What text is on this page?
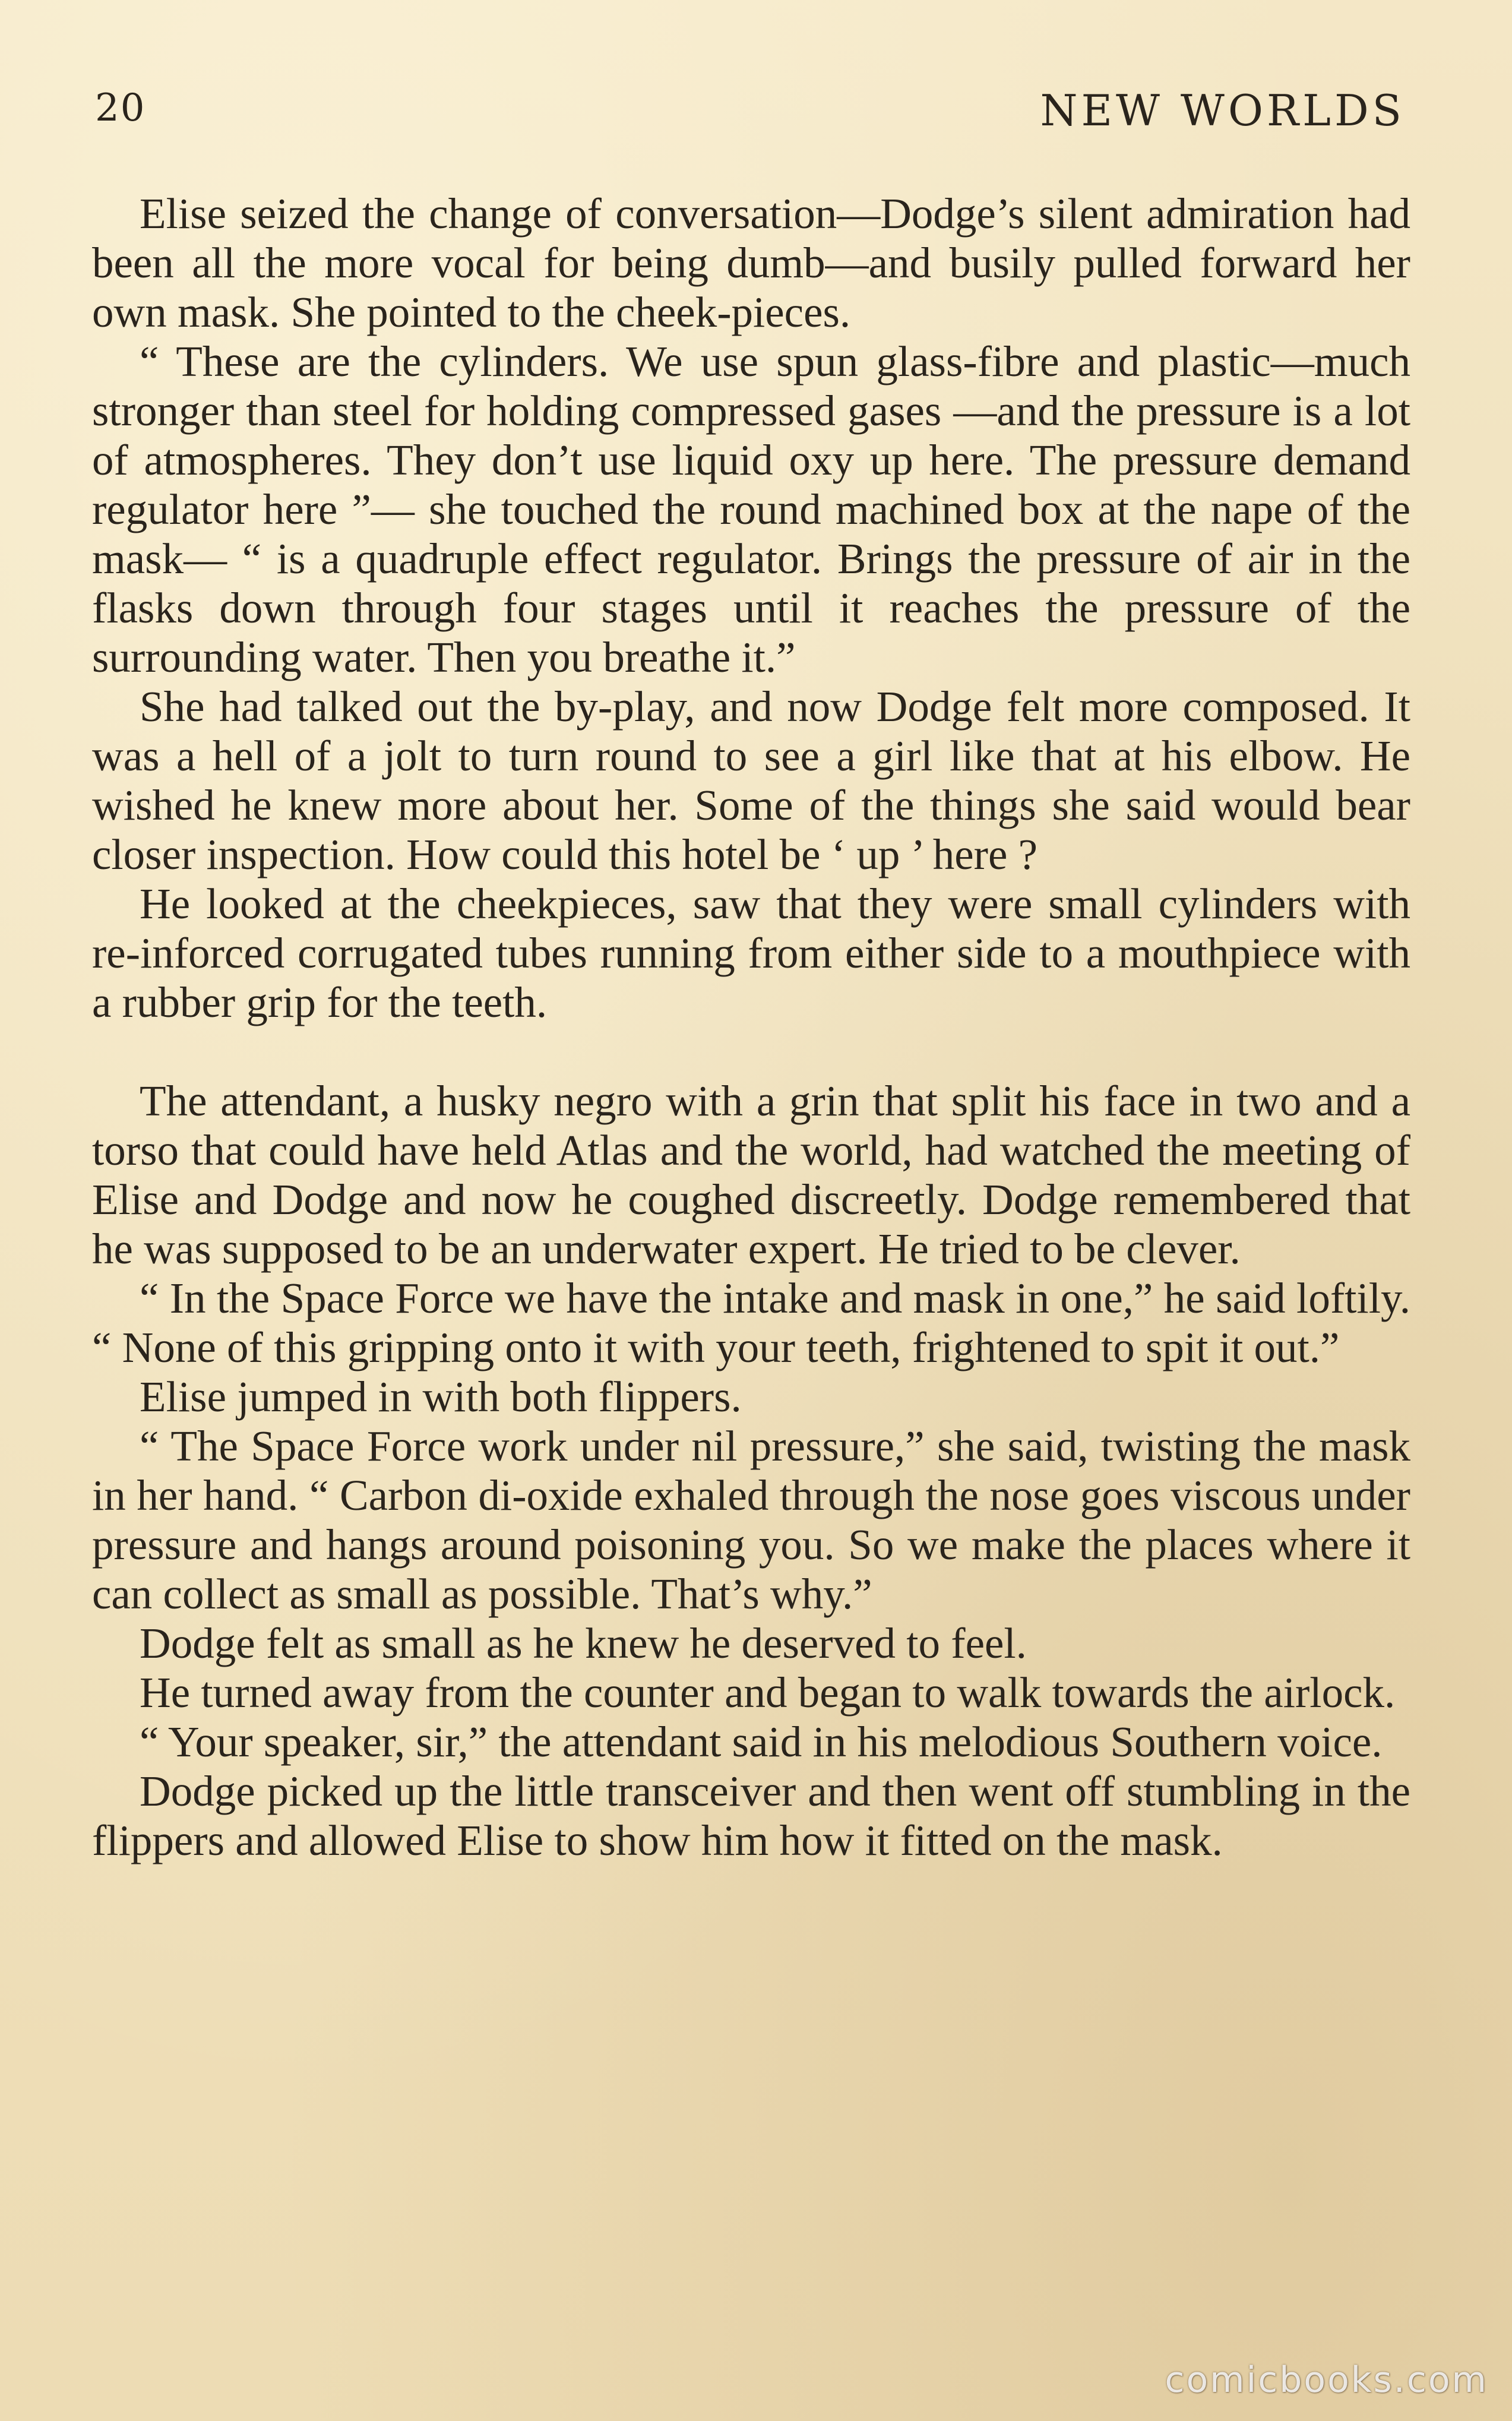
20	NEW WORLDS

Elise seized the change of conversation—Dodge’s silent admiration had been all the more vocal for being dumb—and busily pulled forward her own mask. She pointed to the cheek-pieces.

“ These are the cylinders. We use spun glass-fibre and plastic—much stronger than steel for holding compressed gases —and the pressure is a lot of atmospheres. They don’t use liquid oxy up here. The pressure demand regulator here ”— she touched the round machined box at the nape of the mask— “ is a quadruple effect regulator. Brings the pressure of air in the flasks down through four stages until it reaches the pressure of the surrounding water. Then you breathe it.”

She had talked out the by-play, and now Dodge felt more composed. It was a hell of a jolt to turn round to see a girl like that at his elbow. He wished he knew more about her. Some of the things she said would bear closer inspection. How could this hotel be ‘ up ’ here ?

He looked at the cheekpieces, saw that they were small cylinders with re-inforced corrugated tubes running from either side to a mouthpiece with a rubber grip for the teeth.

The attendant, a husky negro with a grin that split his face in two and a torso that could have held Atlas and the world, had watched the meeting of Elise and Dodge and now he coughed discreetly. Dodge remembered that he was supposed to be an underwater expert. He tried to be clever.

“ In the Space Force we have the intake and mask in one,” he said loftily. “ None of this gripping onto it with your teeth, frightened to spit it out.”

Elise jumped in with both flippers.

“ The Space Force work under nil pressure,” she said, twisting the mask in her hand. “ Carbon di-oxide exhaled through the nose goes viscous under pressure and hangs around poisoning you. So we make the places where it can collect as small as possible. That’s why.”

Dodge felt as small as he knew he deserved to feel.

He turned away from the counter and began to walk towards the airlock.

“ Your speaker, sir,” the attendant said in his melodious Southern voice.

Dodge picked up the little transceiver and then went off stumbling in the flippers and allowed Elise to show him how it fitted on the mask.

comicbooks.com
